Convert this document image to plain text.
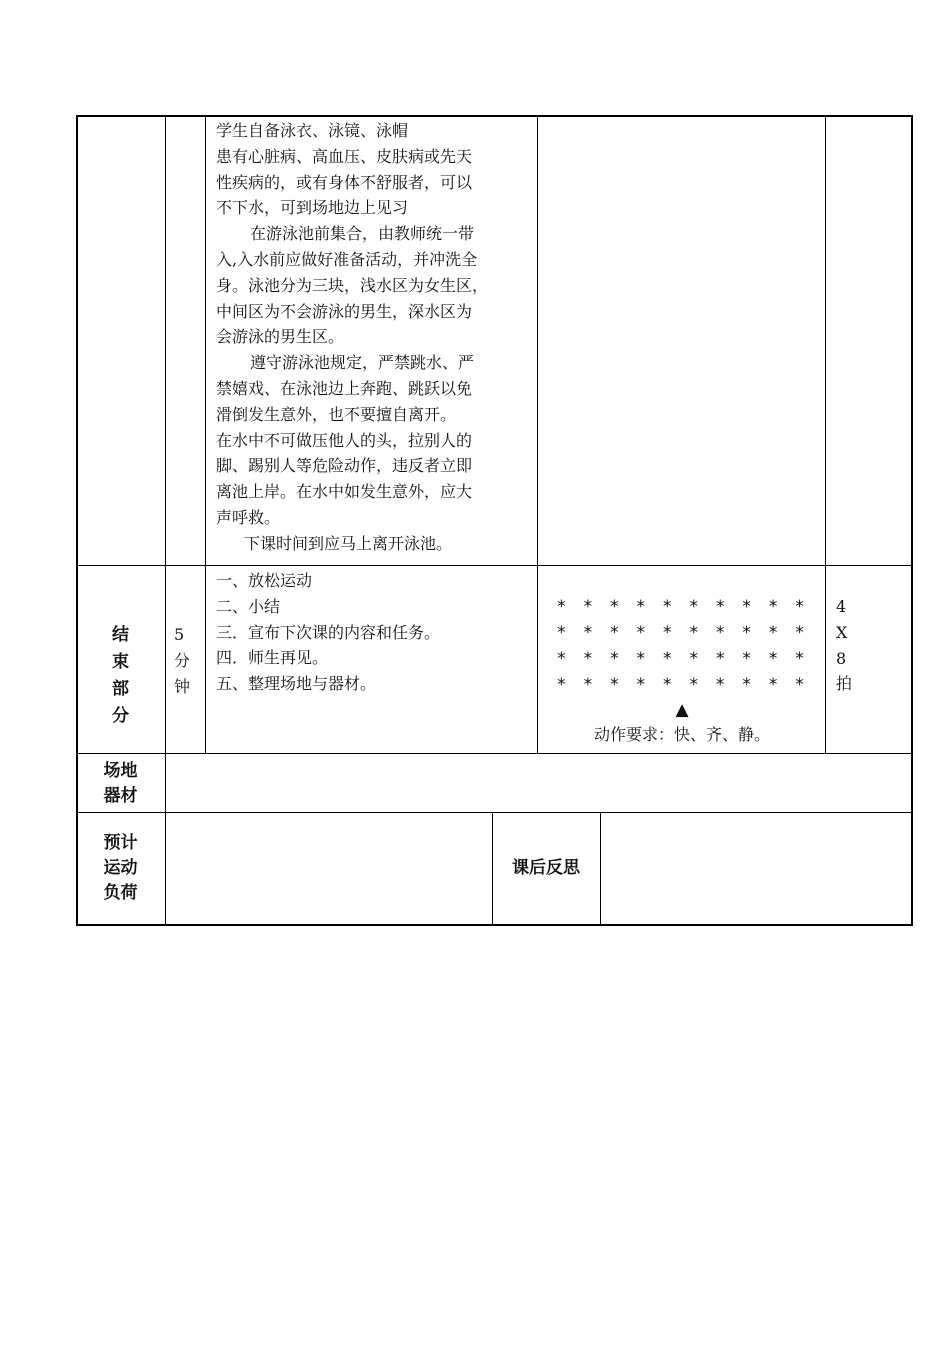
学生自备泳衣、泳镜、泳帽
患有心脏病、高血压、皮肤病或先天
性疾病的，或有身体不舒服者，可以
不下水，可到场地边上见习
在游泳池前集合，由教师统一带
入,入水前应做好准备活动，并冲洗全
身。泳池分为三块，浅水区为女生区，
中间区为不会游泳的男生，深水区为
会游泳的男生区。
遵守游泳池规定，严禁跳水、严
禁嬉戏、在泳池边上奔跑、跳跃以免
滑倒发生意外，也不要擅自离开。
在水中不可做压他人的头，拉别人的
脚、踢别人等危险动作，违反者立即
离池上岸。在水中如发生意外，应大
声呼救。
下课时间到应马上离开泳池。
结
束
部
分
5
分
钟
一、放松运动
二、小结
三．宣布下次课的内容和任务。
四．师生再见。
五、整理场地与器材。
* * * * * * * * * *
* * * * * * * * * *
* * * * * * * * * *
* * * * * * * * * *
▲
动作要求：快、齐、静。
4
X
8
拍
场地
器材
预计
运动
负荷
课后反思
